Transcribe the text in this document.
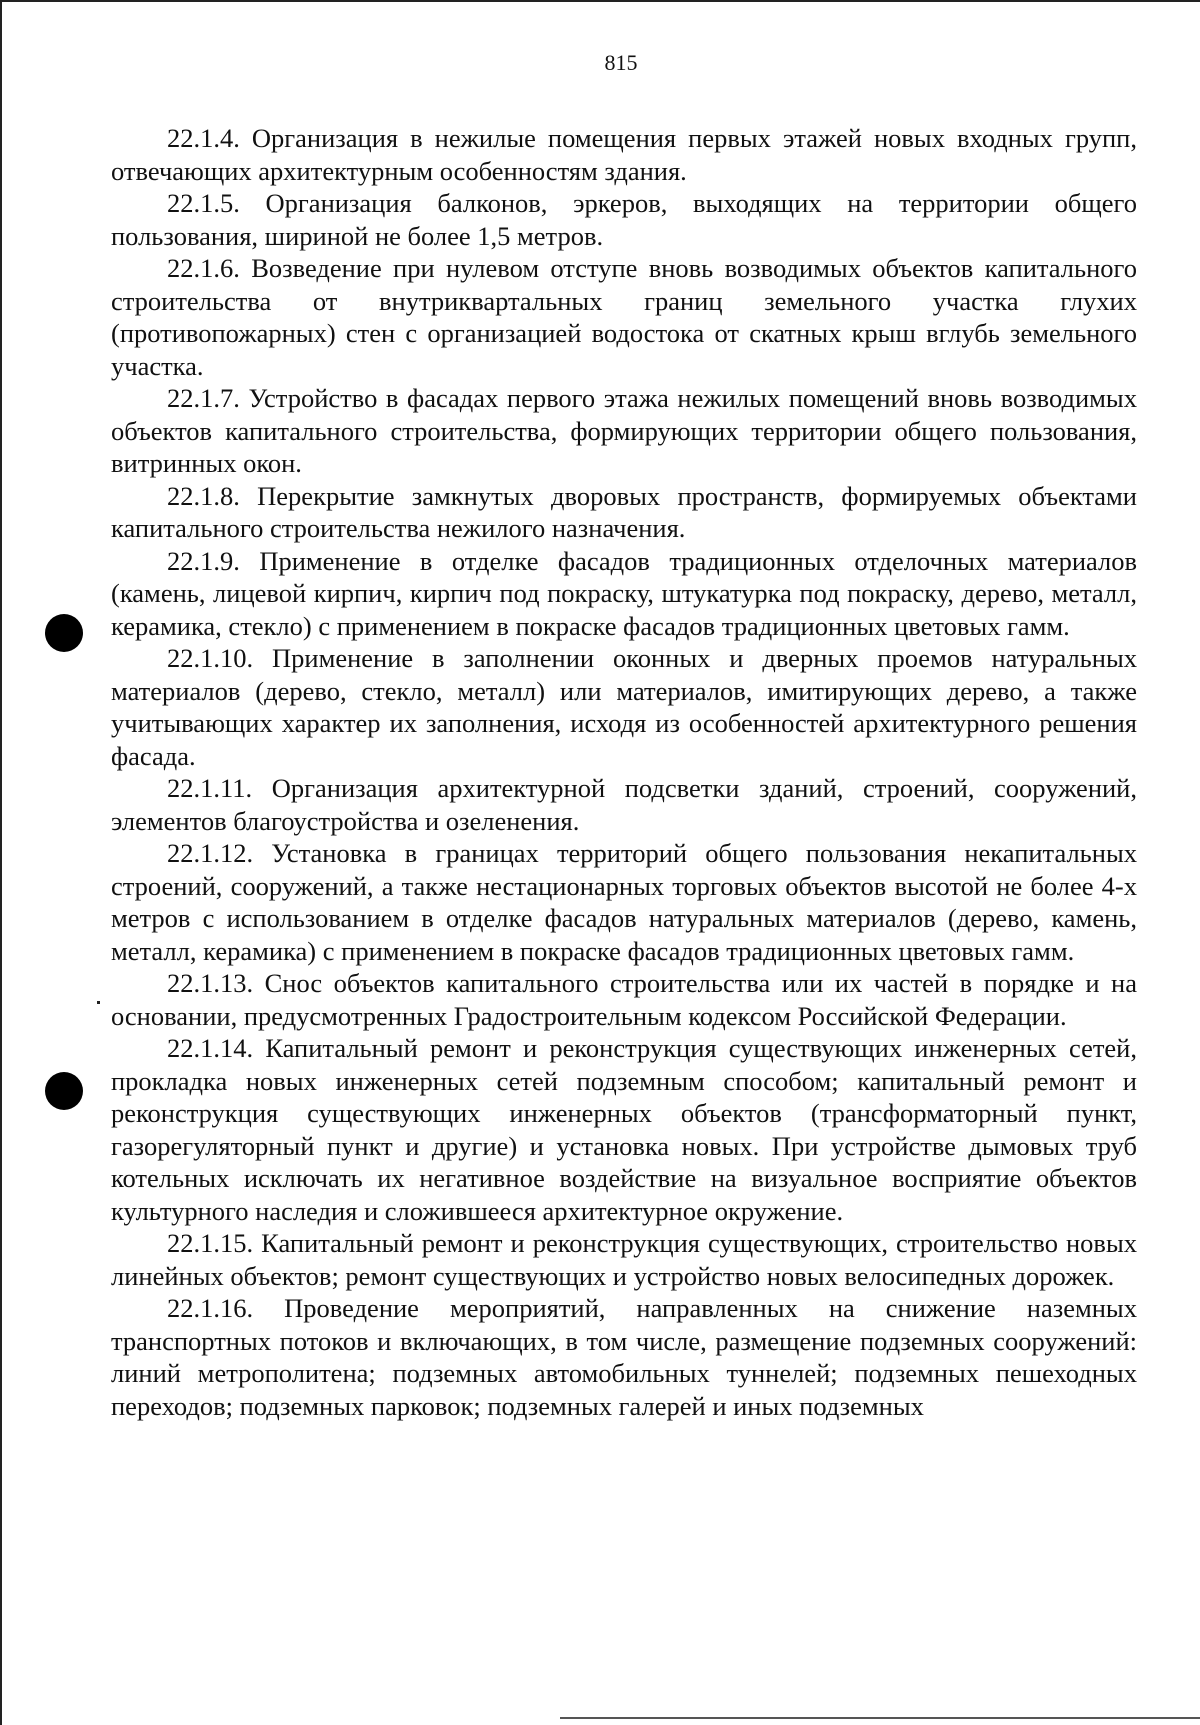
815

22.1.4. Организация в нежилые помещения первых этажей новых входных групп, отвечающих архитектурным особенностям здания.

22.1.5. Организация балконов, эркеров, выходящих на территории общего пользования, шириной не более 1,5 метров.

22.1.6. Возведение при нулевом отступе вновь возводимых объектов капитального строительства от внутриквартальных границ земельного участка глухих (противопожарных) стен с организацией водостока от скатных крыш вглубь земельного участка.

22.1.7. Устройство в фасадах первого этажа нежилых помещений вновь возводимых объектов капитального строительства, формирующих территории общего пользования, витринных окон.

22.1.8. Перекрытие замкнутых дворовых пространств, формируемых объектами капитального строительства нежилого назначения.

22.1.9. Применение в отделке фасадов традиционных отделочных материалов (камень, лицевой кирпич, кирпич под покраску, штукатурка под покраску, дерево, металл, керамика, стекло) с применением в покраске фасадов традиционных цветовых гамм.

22.1.10. Применение в заполнении оконных и дверных проемов натуральных материалов (дерево, стекло, металл) или материалов, имитирующих дерево, а также учитывающих характер их заполнения, исходя из особенностей архитектурного решения фасада.

22.1.11. Организация архитектурной подсветки зданий, строений, сооружений, элементов благоустройства и озеленения.

22.1.12. Установка в границах территорий общего пользования некапитальных строений, сооружений, а также нестационарных торговых объектов высотой не более 4-х метров с использованием в отделке фасадов натуральных материалов (дерево, камень, металл, керамика) с применением в покраске фасадов традиционных цветовых гамм.

22.1.13. Снос объектов капитального строительства или их частей в порядке и на основании, предусмотренных Градостроительным кодексом Российской Федерации.

22.1.14. Капитальный ремонт и реконструкция существующих инженерных сетей, прокладка новых инженерных сетей подземным способом; капитальный ремонт и реконструкция существующих инженерных объектов (трансформаторный пункт, газорегуляторный пункт и другие) и установка новых. При устройстве дымовых труб котельных исключать их негативное воздействие на визуальное восприятие объектов культурного наследия и сложившееся архитектурное окружение.

22.1.15. Капитальный ремонт и реконструкция существующих, строительство новых линейных объектов; ремонт существующих и устройство новых велосипедных дорожек.

22.1.16. Проведение мероприятий, направленных на снижение наземных транспортных потоков и включающих, в том числе, размещение подземных сооружений: линий метрополитена; подземных автомобильных туннелей; подземных пешеходных переходов; подземных парковок; подземных галерей и иных подземных
